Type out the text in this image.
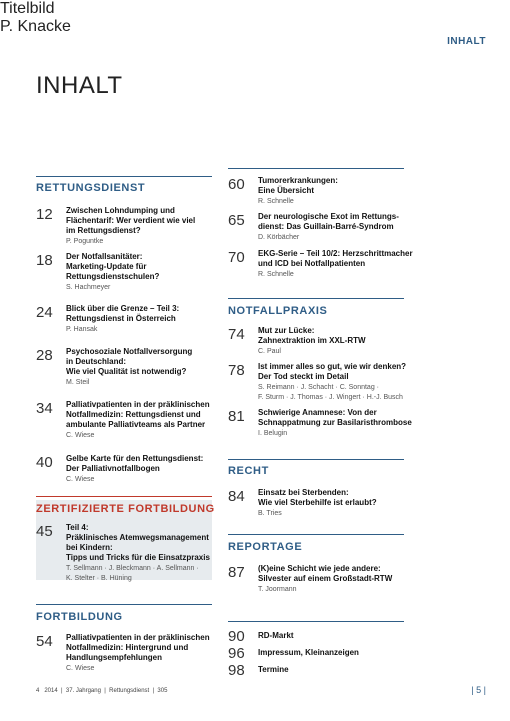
INHALT
INHALT
RETTUNGSDIENST
12 Zwischen Lohndumping und
Flächentarif: Wer verdient wie viel
im Rettungsdienst?
P. Poguntke
18 Der Notfallsanitäter:
Marketing-Update für
Rettungsdienstschulen?
S. Hachmeyer
24 Blick über die Grenze – Teil 3:
Rettungsdienst in Österreich
P. Hansak
28 Psychosoziale Notfallversorgung
in Deutschland:
Wie viel Qualität ist notwendig?
M. Steil
34 Palliativpatienten in der präklinischen
Notfallmedizin: Rettungsdienst und
ambulante Palliativteams als Partner
C. Wiese
40 Gelbe Karte für den Rettungsdienst:
Der Palliativnotfallbogen
C. Wiese
ZERTIFIZIERTE FORTBILDUNG
45 Teil 4:
Präklinisches Atemwegsmanagement
bei Kindern:
Tipps und Tricks für die Einsatzpraxis
T. Sellmann · J. Bleckmann · A. Sellmann ·
K. Stelter · B. Hüning
FORTBILDUNG
54 Palliativpatienten in der präklinischen
Notfallmedizin: Hintergrund und
Handlungsempfehlungen
C. Wiese
60 Tumorerkrankungen:
Eine Übersicht
R. Schnelle
65 Der neurologische Exot im Rettungs-
dienst: Das Guillain-Barré-Syndrom
D. Körbächer
70 EKG-Serie – Teil 10/2: Herzschrittmacher
und ICD bei Notfallpatienten
R. Schnelle
NOTFALLPRAXIS
74 Mut zur Lücke:
Zahnextraktion im XXL-RTW
C. Paul
78 Ist immer alles so gut, wie wir denken?
Der Tod steckt im Detail
S. Reimann · J. Schacht · C. Sonntag ·
F. Sturm · J. Thomas · J. Wingert · H.-J. Busch
81 Schwierige Anamnese: Von der
Schnappatmung zur Basilaristhrombose
I. Belugin
RECHT
84 Einsatz bei Sterbenden:
Wie viel Sterbehilfe ist erlaubt?
B. Tries
REPORTAGE
87 (K)eine Schicht wie jede andere:
Silvester auf einem Großstadt-RTW
T. Joormann
90 RD-Markt
96 Impressum, Kleinanzeigen
98 Termine
Titelbild
P. Knacke
4   2014  |  37. Jahrgang  |  Rettungsdienst  |  305	| 5 |
